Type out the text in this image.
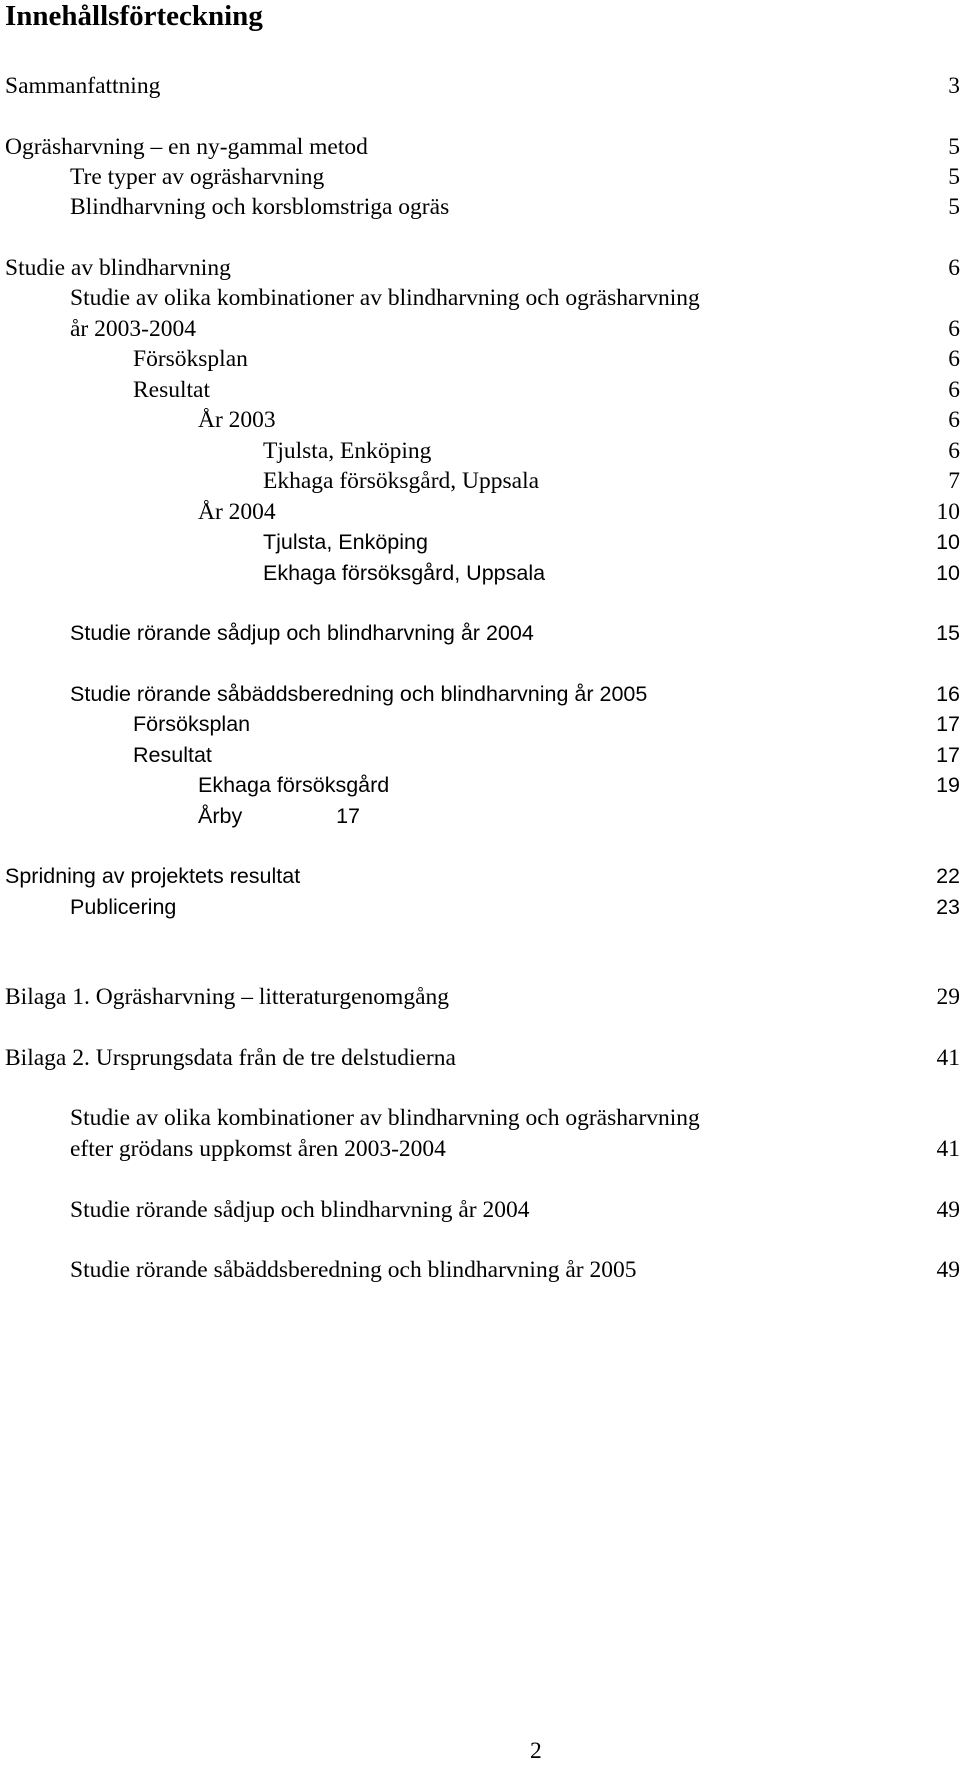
Innehållsförteckning
Sammanfattning	3
Ogräsharvning – en ny-gammal metod	5
Tre typer av ogräsharvning	5
Blindharvning och korsblomstriga ogräs	5
Studie av blindharvning	6
Studie av olika kombinationer av blindharvning och ogräsharvning
år 2003-2004	6
Försöksplan	6
Resultat	6
År 2003	6
Tjulsta, Enköping	6
Ekhaga försöksgård, Uppsala	7
År 2004	10
Tjulsta, Enköping	10
Ekhaga försöksgård, Uppsala	10
Studie rörande sådjup och blindharvning år 2004	15
Studie rörande såbäddsberedning och blindharvning år 2005	16
Försöksplan	17
Resultat	17
Ekhaga försöksgård	19
Årby	17
Spridning av projektets resultat	22
Publicering	23
Bilaga 1. Ogräsharvning – litteraturgenomgång	29
Bilaga 2. Ursprungsdata från de tre delstudierna	41
Studie av olika kombinationer av blindharvning och ogräsharvning
efter grödans uppkomst åren 2003-2004	41
Studie rörande sådjup och blindharvning år 2004	49
Studie rörande såbäddsberedning och blindharvning år 2005	49
2
